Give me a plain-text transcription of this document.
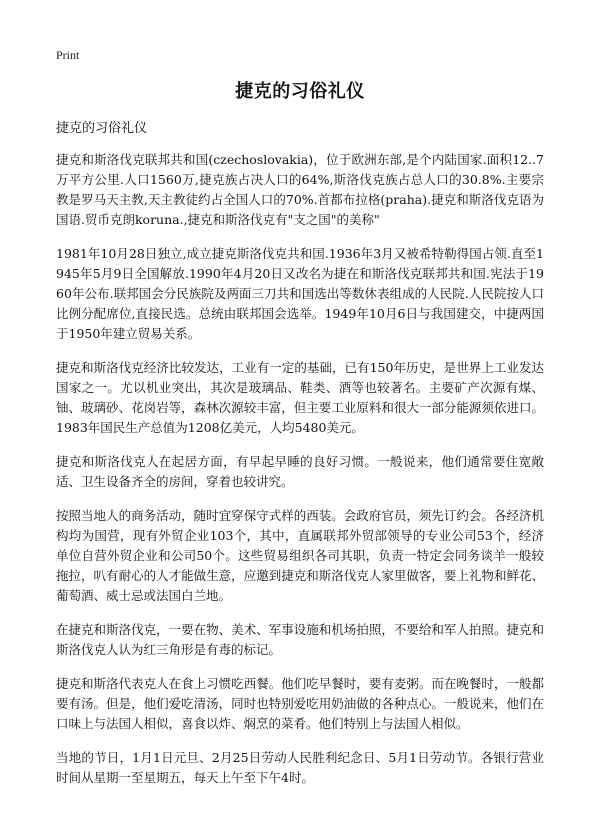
Print
捷克的习俗礼仪
捷克的习俗礼仪

捷克和斯洛伐克联邦共和国(czechoslovakia)，位于欧洲东部,是个内陆国家.面积12..7万平方公里.人口1560万,捷克族占决人口的64%,斯洛伐克族占总人口的30.8%.主要宗教是罗马天主教,天主教徒约占全国人口的70%.首都布拉格(praha).捷克和斯洛伐克语为国语.贸币克朗koruna.,捷克和斯洛伐克有"支之国"的美称"

1981年10月28日独立,成立捷克斯洛伐克共和国.1936年3月又被希特勒得国占领.直至1945年5月9日全国解放.1990年4月20日又改名为捷在和斯洛伐克联邦共和国.宪法于1960年公布.联邦国会分民族院及两面三刀共和国选出等数休表组成的人民院.人民院按人口比例分配席位,直接民选。总统由联邦国会选举。1949年10月6日与我国建交，中捷两国于1950年建立贸易关系。

捷克和斯洛伐克经济比较发达，工业有一定的基础，已有150年历史，是世界上工业发达国家之一。尤以机业突出，其次是玻璃品、鞋类、酒等也较著名。主要矿产次源有煤、铀、玻璃砂、花岗岩等，森林次源较丰富，但主要工业原料和很大一部分能源须依进口。1983年国民生产总值为1208亿美元，人均5480美元。

捷克和斯洛伐克人在起居方面，有早起早睡的良好习惯。一般说来，他们通常要住宽敞适、卫生设备齐全的房间，穿着也较讲究。

按照当地人的商务活动，随时宜穿保守式样的西装。会政府官员，须先订约会。各经济机构均为国营，现有外贸企业103个，其中，直属联邦外贸部领导的专业公司53个，经济单位自营外贸企业和公司50个。这些贸易组织各司其职，负责一特定会同务谈羊一般较拖拉，叭有耐心的人才能做生意，应邀到捷克和斯洛伐克人家里做客，要上礼物和鲜花、葡萄酒、威士忌或法国白兰地。

在捷克和斯洛伐克，一要在物、美术、军事设施和机场拍照，不要给和军人拍照。捷克和斯洛伐克人认为红三角形是有毒的标记。

捷克和斯洛代表克人在食上习惯吃西餐。他们吃早餐时，要有麦粥。而在晚餐时，一般都要有汤。但是，他们爱吃清汤，同时也特别爱吃用奶油做的各种点心。一般说来，他们在口味上与法国人相似，喜食以炸、焖烹的菜肴。他们特别上与法国人相似。

当地的节日，1月1日元旦、2月25日劳动人民胜利纪念日、5月1日劳动节。各银行营业时间从星期一至星期五，每天上午至下午4时。
